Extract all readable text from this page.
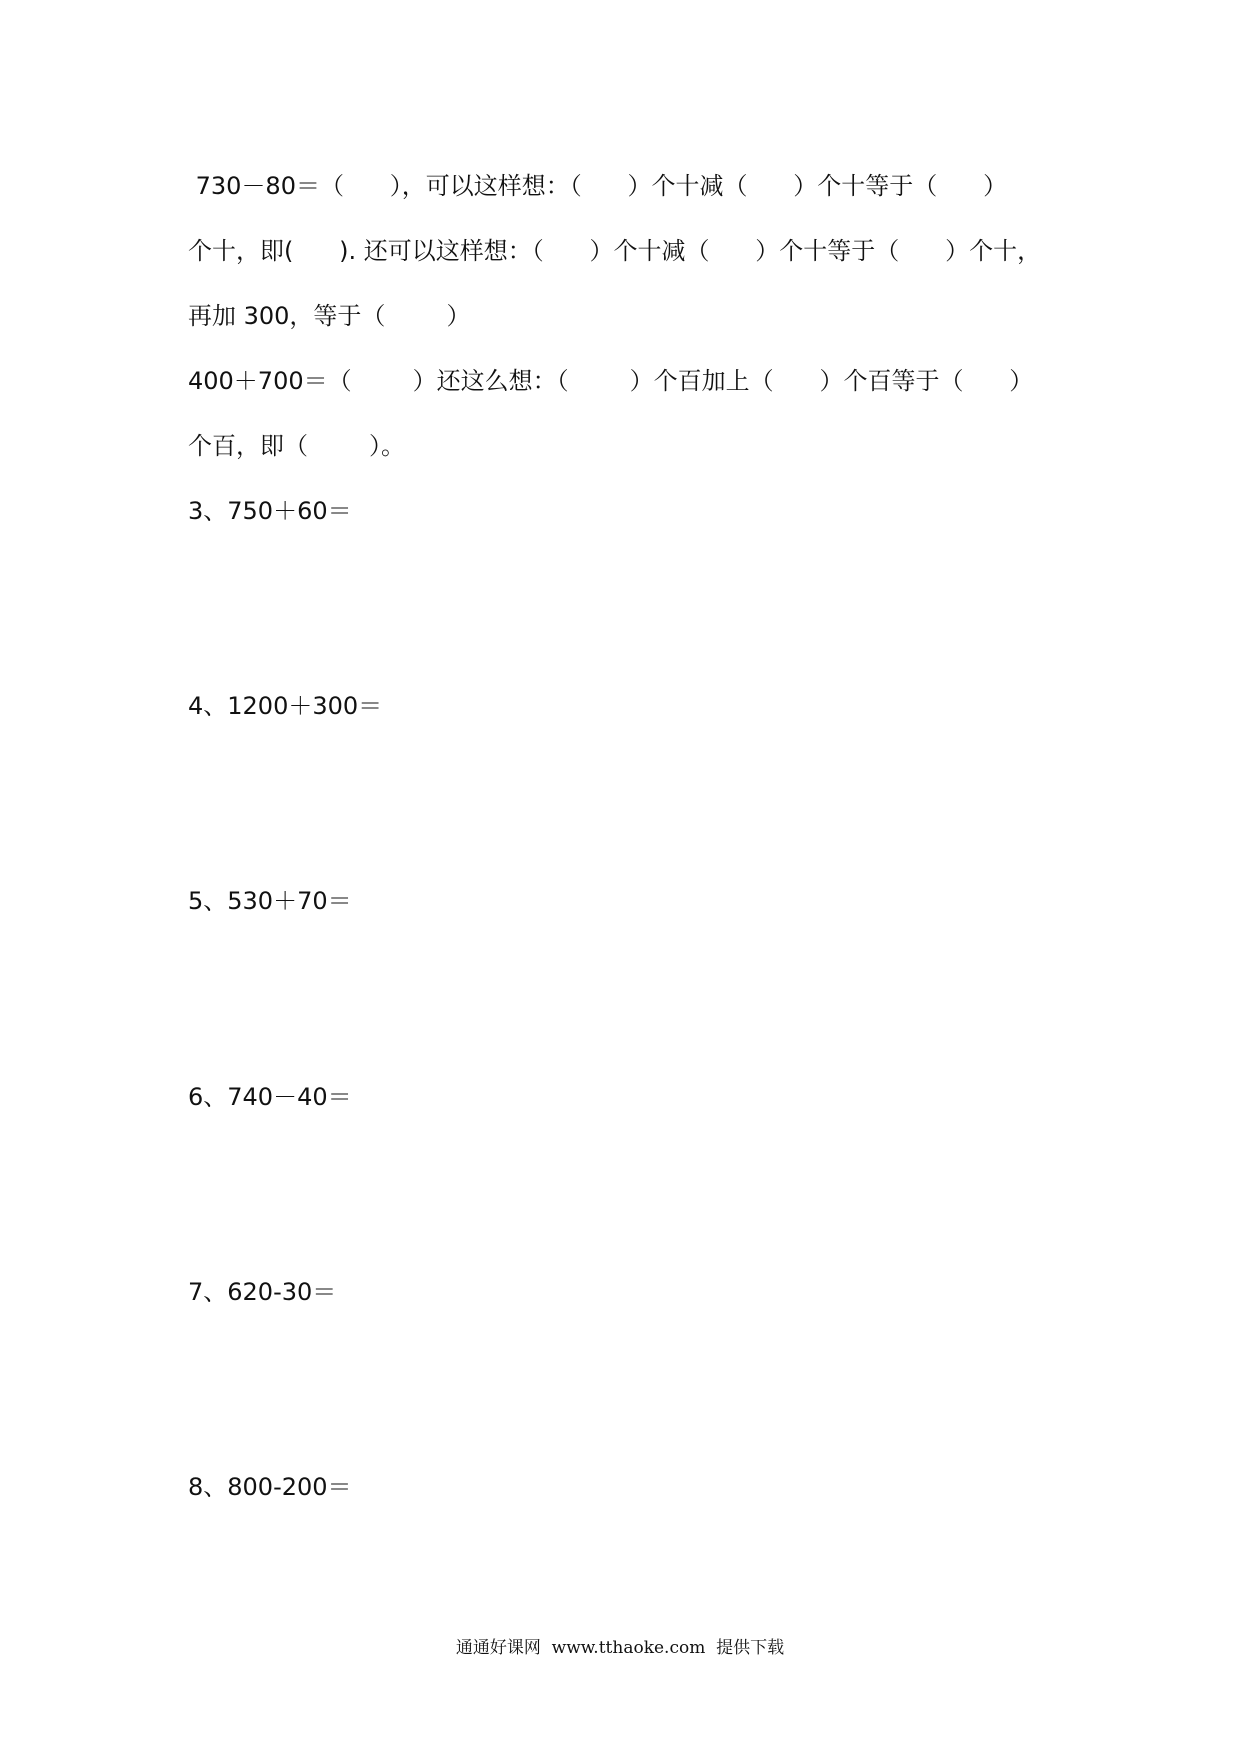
730－80＝（      ），可以这样想：（      ）个十减（      ）个十等于（      ）
个十，即(      ). 还可以这样想：（      ）个十减（      ）个十等于（      ）个十，
再加 300，等于（        ）
400＋700＝（        ）还这么想：（        ）个百加上（      ）个百等于（      ）
个百，即（        ）。
3、750＋60＝
4、1200＋300＝
5、530＋70＝
6、740－40＝
7、620-30＝
8、800-200＝
通通好课网  www.tthaoke.com  提供下载
